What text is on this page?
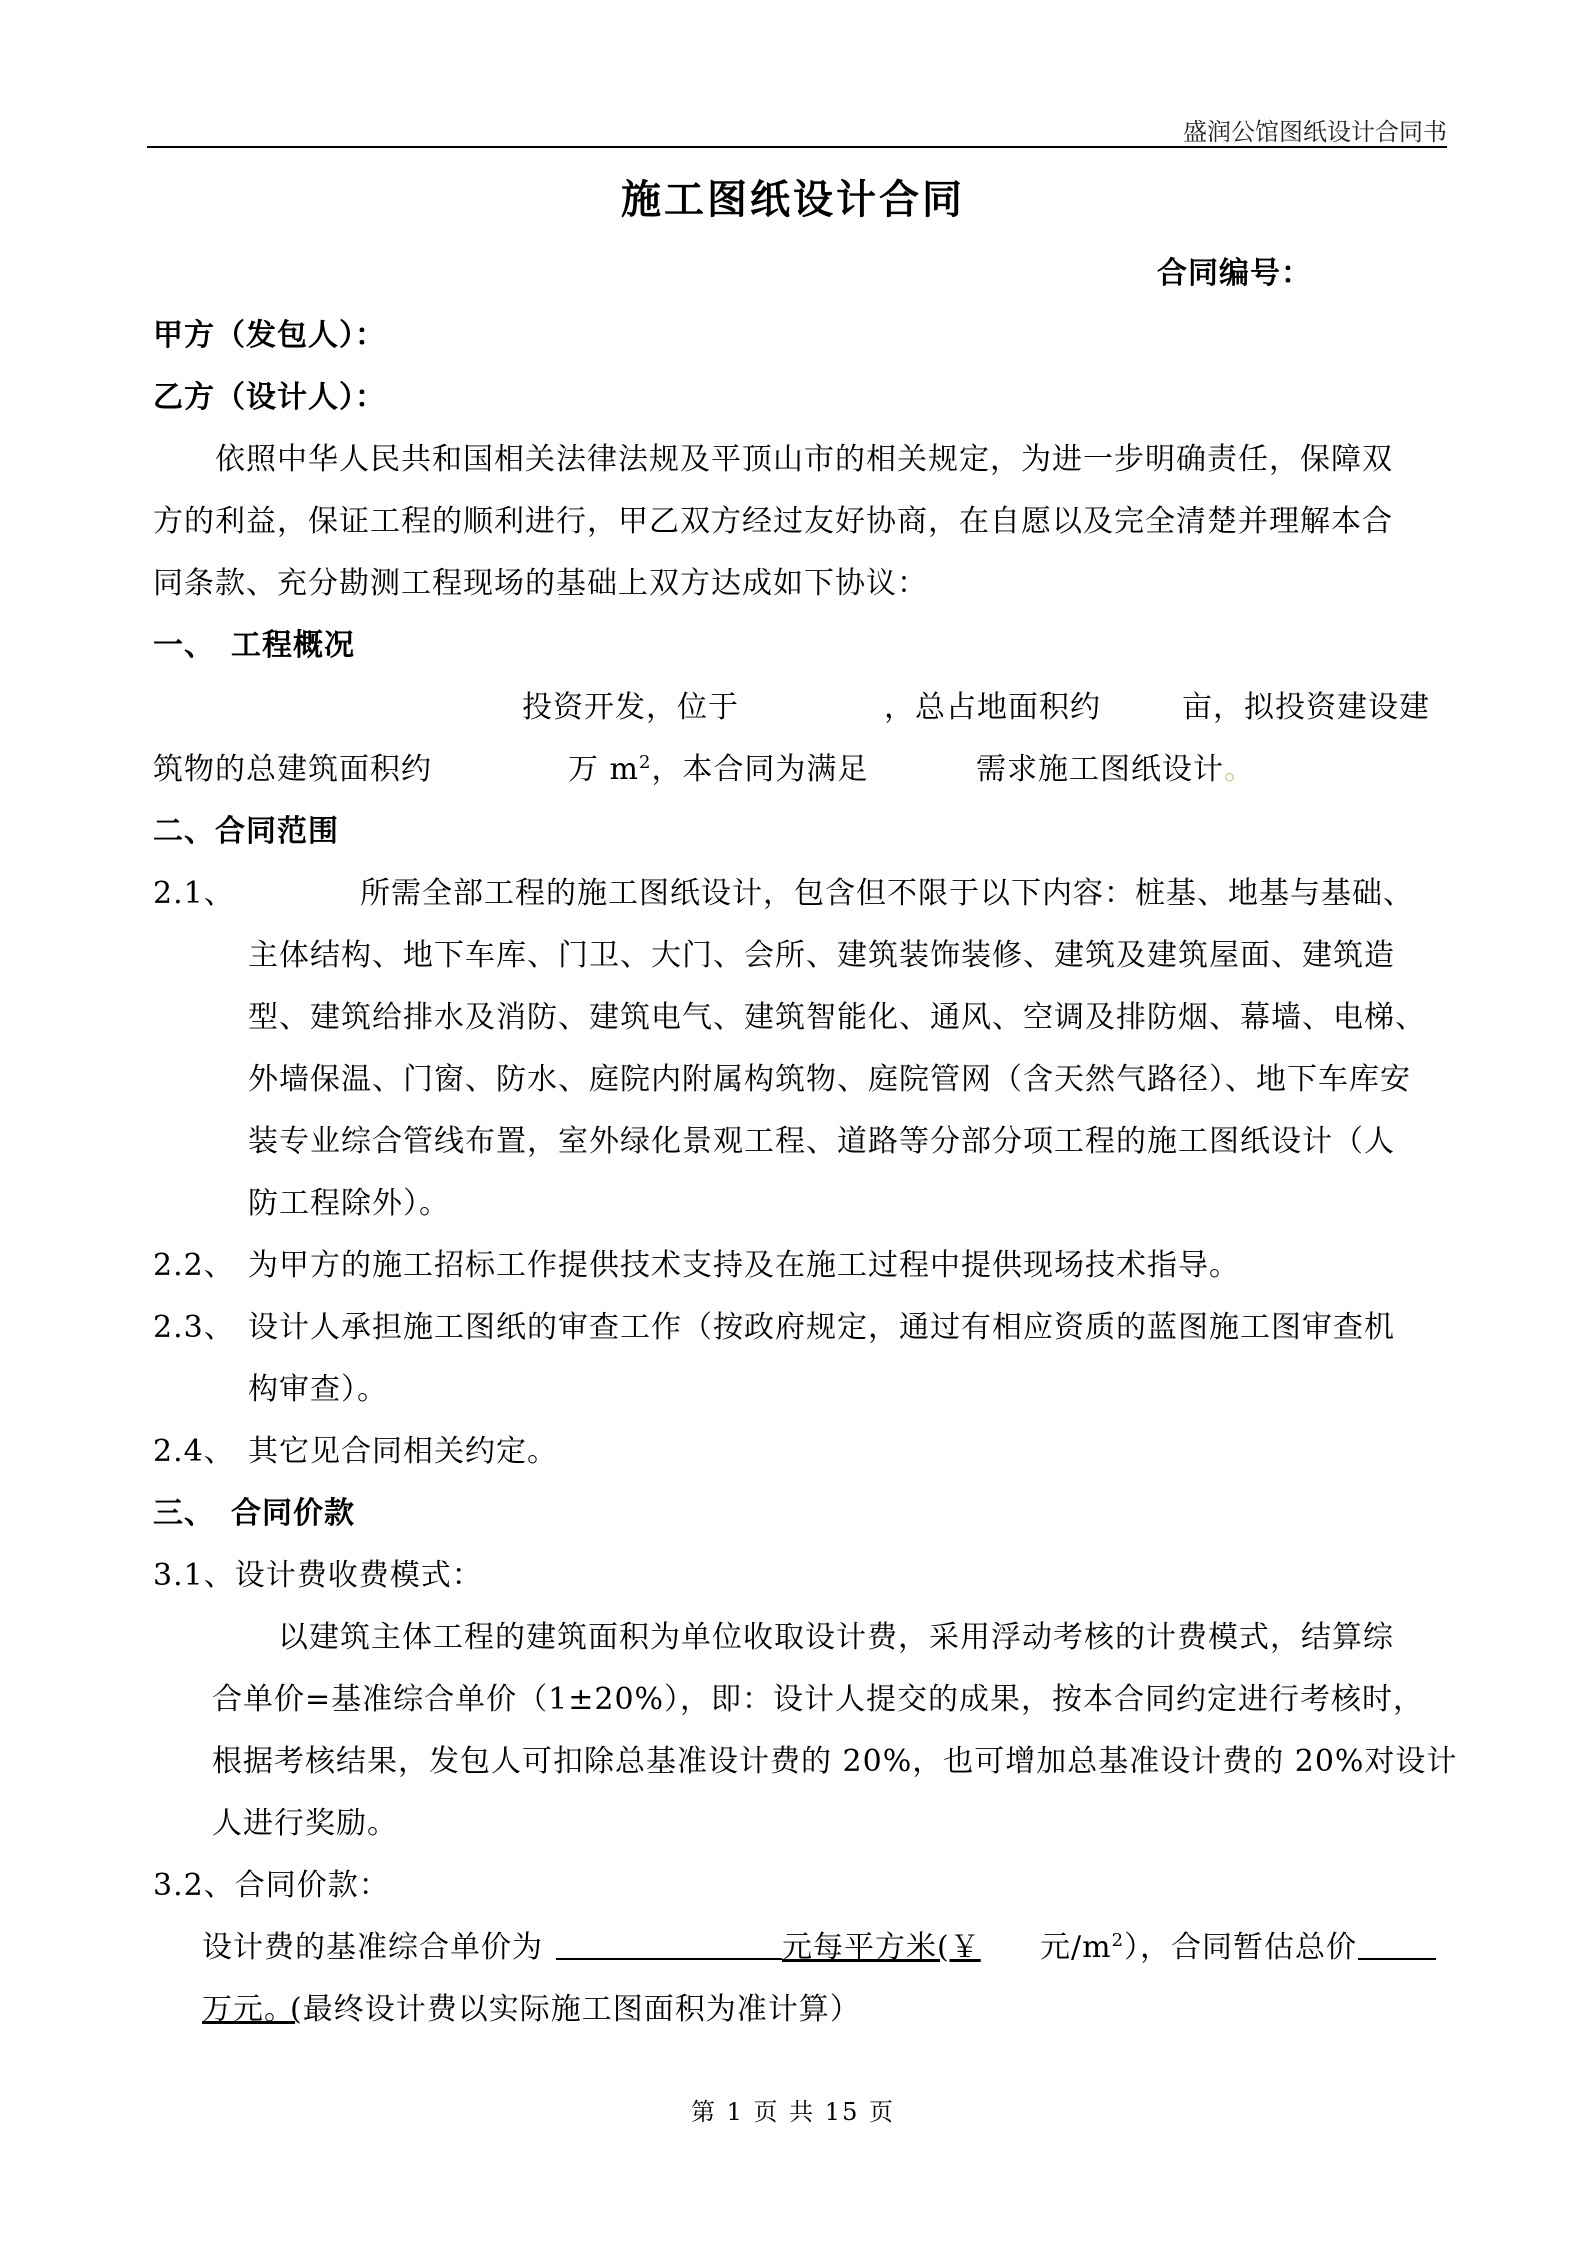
盛润公馆图纸设计合同书
施工图纸设计合同
合同编号：
甲方（发包人）：
乙方（设计人）：
依照中华人民共和国相关法律法规及平顶山市的相关规定，为进一步明确责任，保障双
方的利益，保证工程的顺利进行，甲乙双方经过友好协商，在自愿以及完全清楚并理解本合
同条款、充分勘测工程现场的基础上双方达成如下协议：
一、　工程概况
投资开发，位于	，总占地面积约	亩，拟投资建设建
筑物的总建筑面积约	万 $m^2$，本合同为满足	需求施工图纸设计。
二、合同范围
2.1、	所需全部工程的施工图纸设计，包含但不限于以下内容：桩基、地基与基础、
主体结构、地下车库、门卫、大门、会所、建筑装饰装修、建筑及建筑屋面、建筑造
型、建筑给排水及消防、建筑电气、建筑智能化、通风、空调及排防烟、幕墙、电梯、
外墙保温、门窗、防水、庭院内附属构筑物、庭院管网（含天然气路径）、地下车库安
装专业综合管线布置，室外绿化景观工程、道路等分部分项工程的施工图纸设计（人
防工程除外）。
2.2、 为甲方的施工招标工作提供技术支持及在施工过程中提供现场技术指导。
2.3、 设计人承担施工图纸的审查工作（按政府规定，通过有相应资质的蓝图施工图审查机
构审查）。
2.4、 其它见合同相关约定。
三、　合同价款
3.1、设计费收费模式：
以建筑主体工程的建筑面积为单位收取设计费，采用浮动考核的计费模式，结算综
合单价=基准综合单价（1±20%），即：设计人提交的成果，按本合同约定进行考核时，
根据考核结果，发包人可扣除总基准设计费的 20%，也可增加总基准设计费的 20%对设计
人进行奖励。
3.2、合同价款：
设计费的基准综合单价为	元每平方米(￥ 元$/m^2$），合同暂估总价
万元。
(最终设计费以实际施工图面积为准计算）
第 1 页 共 15 页
